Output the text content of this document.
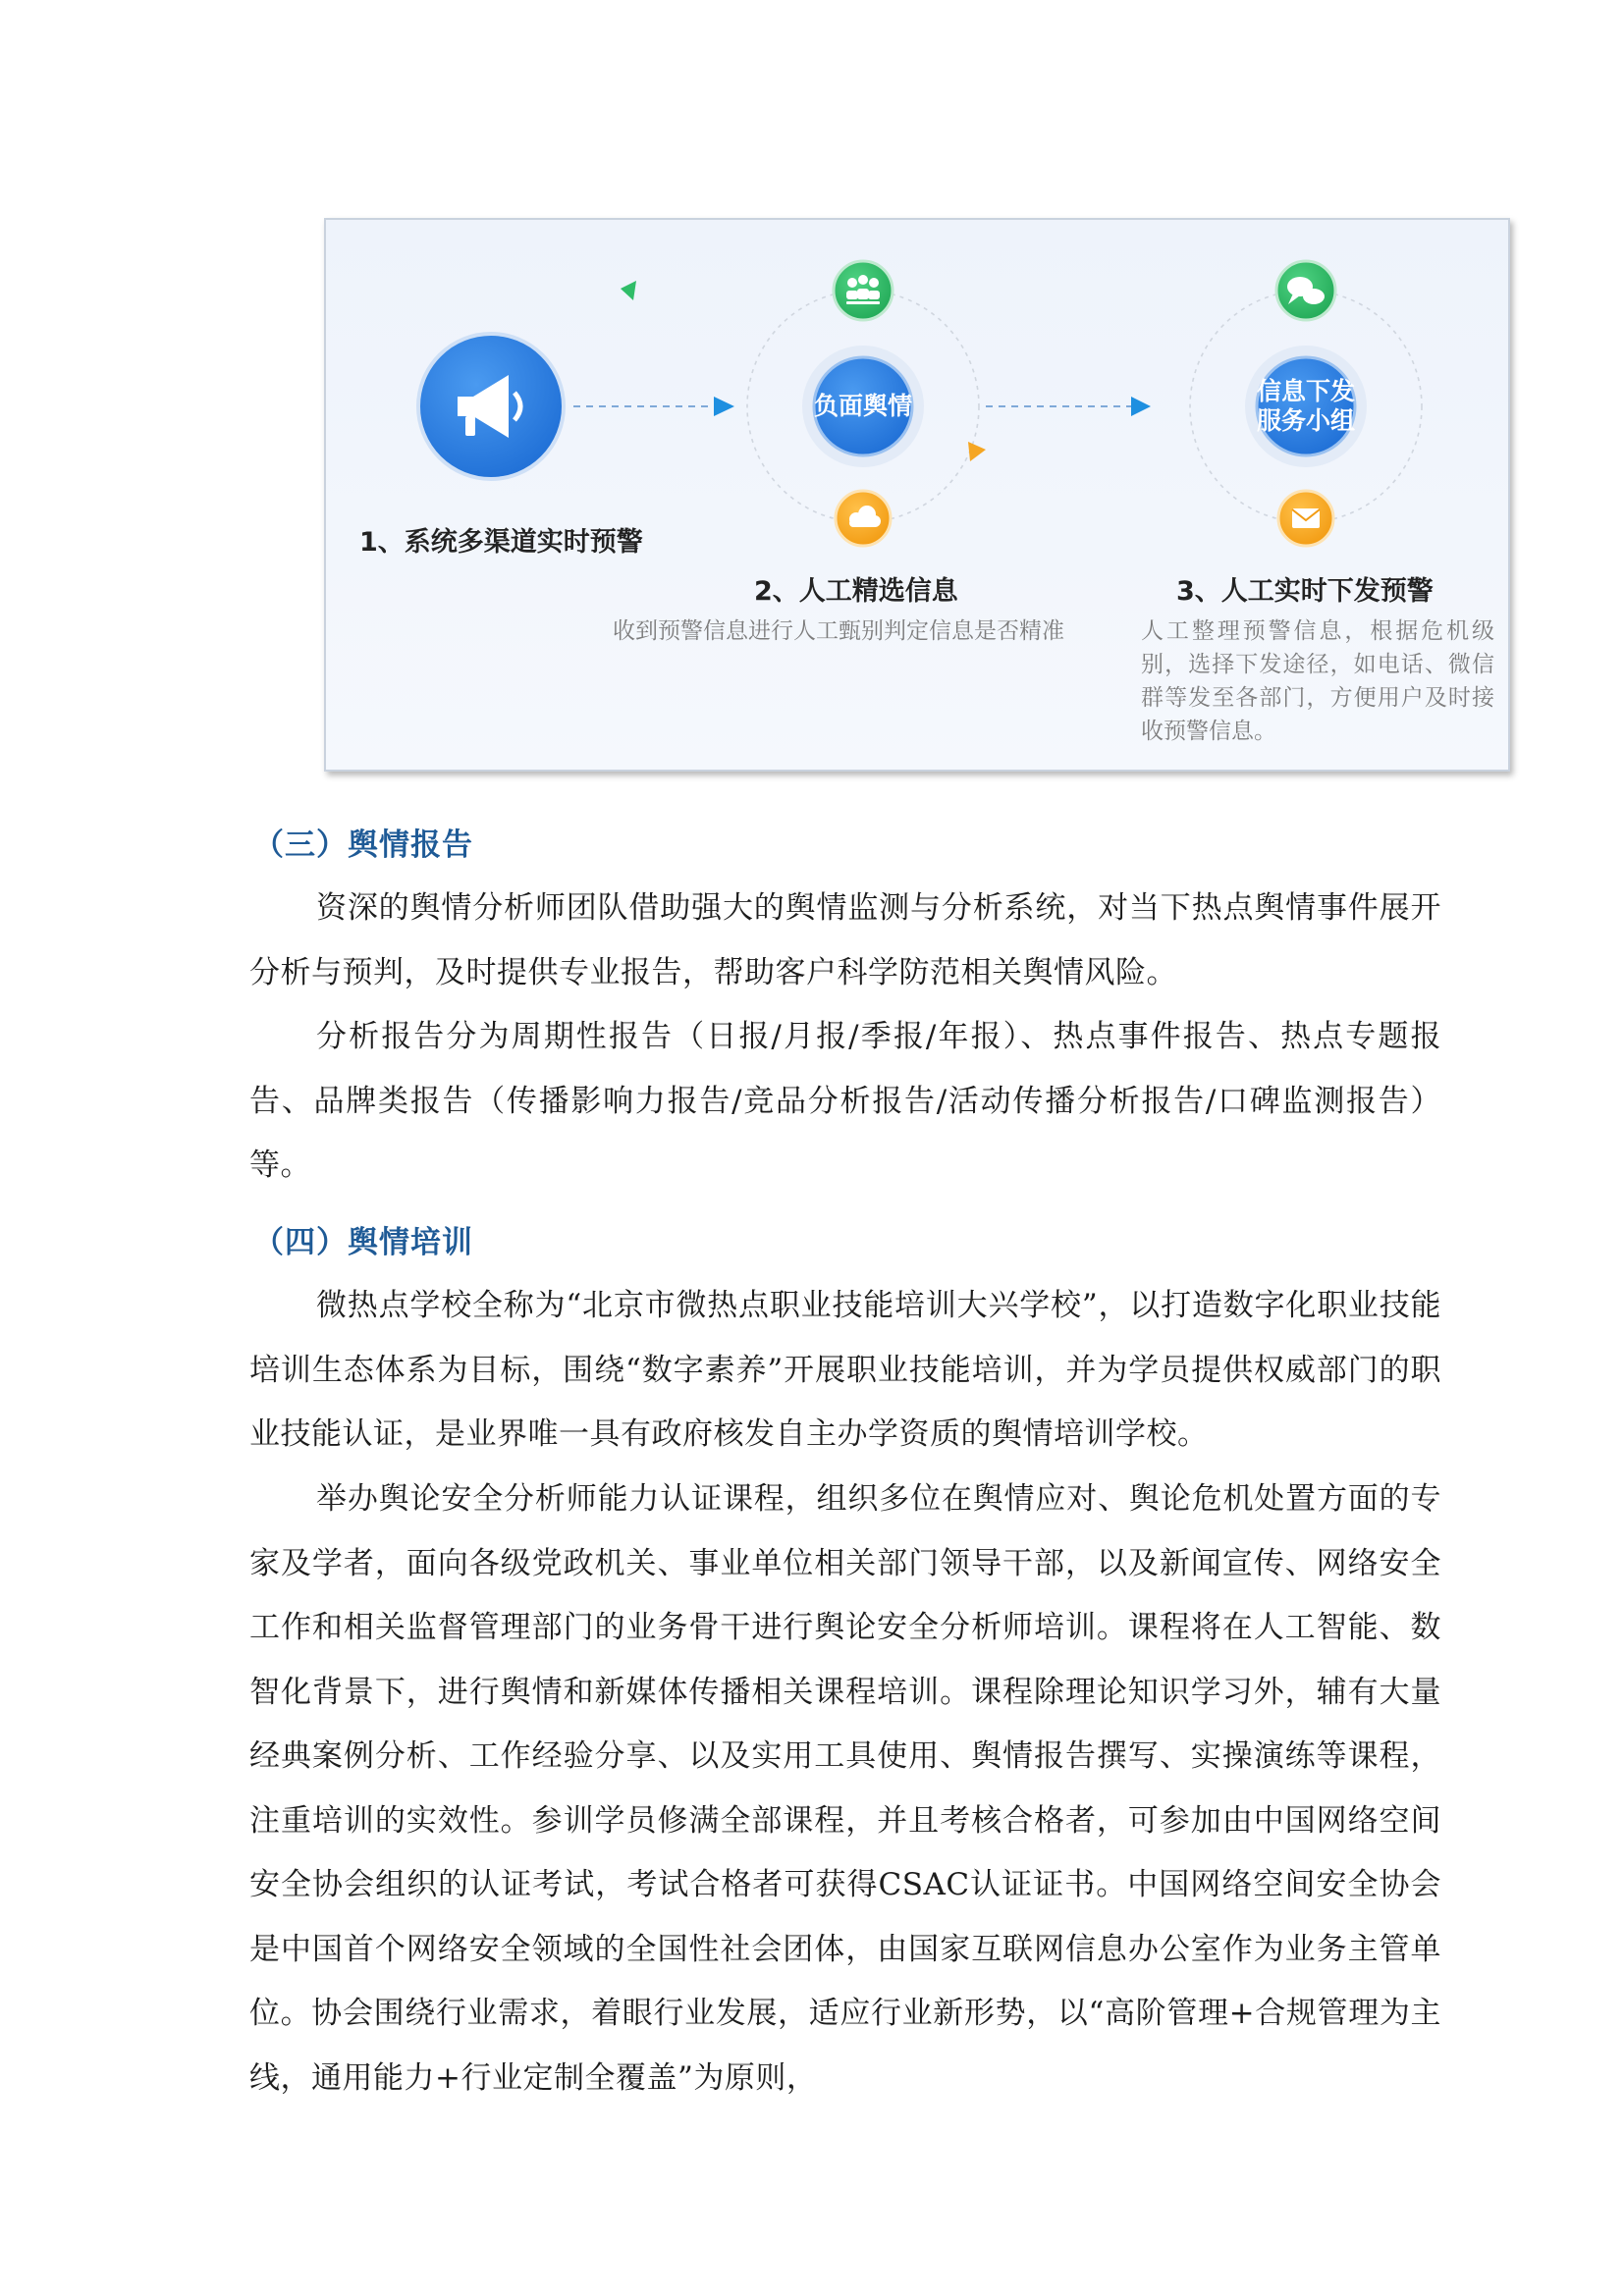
负面舆情
信息下发
服务小组
1、系统多渠道实时预警
2、人工精选信息
收到预警信息进行人工甄别判定信息是否精准
3、人工实时下发预警
人工整理预警信息，根据危机级别，选择下发途径，如电话、微信群等发至各部门，方便用户及时接收预警信息。
（三）舆情报告
资深的舆情分析师团队借助强大的舆情监测与分析系统，对当下热点舆情事件展开分析与预判，及时提供专业报告，帮助客户科学防范相关舆情风险。
分析报告分为周期性报告（日报/月报/季报/年报）、热点事件报告、热点专题报告、品牌类报告（传播影响力报告/竞品分析报告/活动传播分析报告/口碑监测报告）等。
（四）舆情培训
微热点学校全称为“北京市微热点职业技能培训大兴学校”，以打造数字化职业技能培训生态体系为目标，围绕“数字素养”开展职业技能培训，并为学员提供权威部门的职业技能认证，是业界唯一具有政府核发自主办学资质的舆情培训学校。
举办舆论安全分析师能力认证课程，组织多位在舆情应对、舆论危机处置方面的专家及学者，面向各级党政机关、事业单位相关部门领导干部，以及新闻宣传、网络安全工作和相关监督管理部门的业务骨干进行舆论安全分析师培训。课程将在人工智能、数智化背景下，进行舆情和新媒体传播相关课程培训。课程除理论知识学习外，辅有大量经典案例分析、工作经验分享、以及实用工具使用、舆情报告撰写、实操演练等课程，注重培训的实效性。参训学员修满全部课程，并且考核合格者，可参加由中国网络空间安全协会组织的认证考试，考试合格者可获得CSAC认证证书。中国网络空间安全协会是中国首个网络安全领域的全国性社会团体，由国家互联网信息办公室作为业务主管单位。协会围绕行业需求，着眼行业发展，适应行业新形势，以“高阶管理+合规管理为主线，通用能力+行业定制全覆盖”为原则，
